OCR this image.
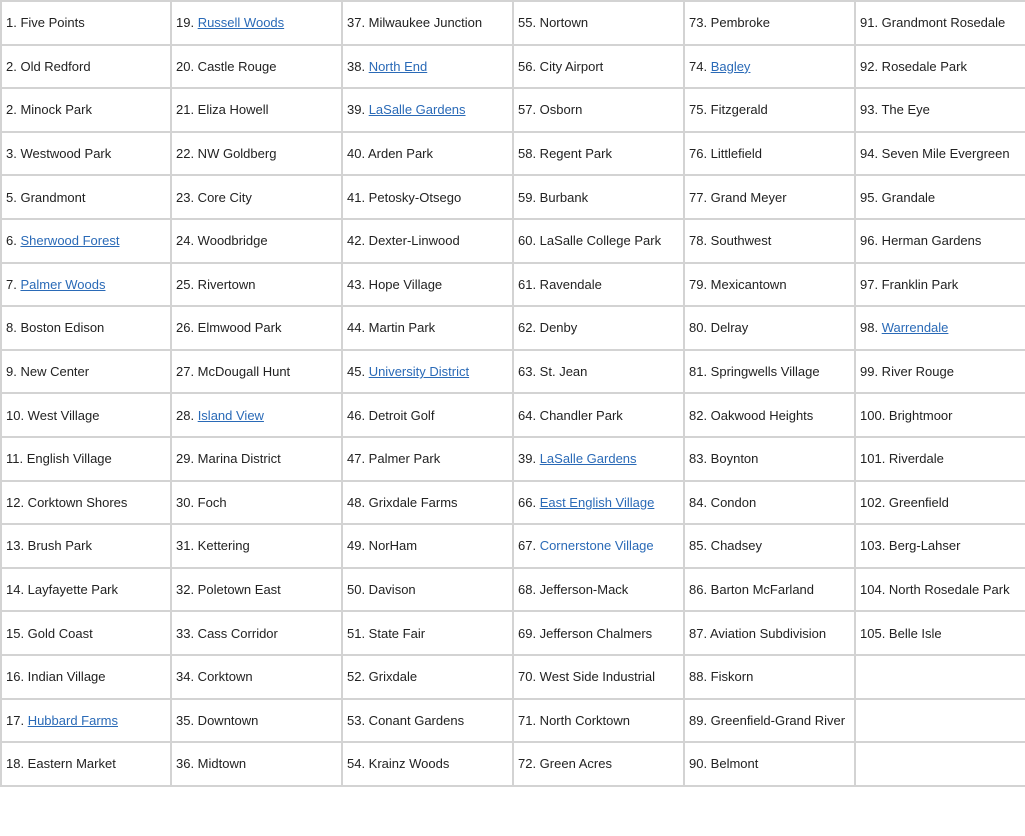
1. Five Points	19. Russell Woods	37. Milwaukee Junction	55. Nortown	73. Pembroke	91. Grandmont Rosedale
2. Old Redford	20. Castle Rouge	38. North End	56. City Airport	74. Bagley	92. Rosedale Park
2. Minock Park	21. Eliza Howell	39. LaSalle Gardens	57. Osborn	75. Fitzgerald	93. The Eye
3. Westwood Park	22. NW Goldberg	40. Arden Park	58. Regent Park	76. Littlefield	94. Seven Mile Evergreen
5. Grandmont	23. Core City	41. Petosky-Otsego	59. Burbank	77. Grand Meyer	95. Grandale
6. Sherwood Forest	24. Woodbridge	42. Dexter-Linwood	60. LaSalle College Park	78. Southwest	96. Herman Gardens
7. Palmer Woods	25. Rivertown	43. Hope Village	61. Ravendale	79. Mexicantown	97. Franklin Park
8. Boston Edison	26. Elmwood Park	44. Martin Park	62. Denby	80. Delray	98. Warrendale
9. New Center	27. McDougall Hunt	45. University District	63. St. Jean	81. Springwells Village	99. River Rouge
10. West Village	28. Island View	46. Detroit Golf	64. Chandler Park	82. Oakwood Heights	100. Brightmoor
11. English Village	29. Marina District	47. Palmer Park	39. LaSalle Gardens	83. Boynton	101. Riverdale
12. Corktown Shores	30. Foch	48. Grixdale Farms	66. East English Village	84. Condon	102. Greenfield
13. Brush Park	31. Kettering	49. NorHam	67. Cornerstone Village	85. Chadsey	103. Berg-Lahser
14. Layfayette Park	32. Poletown East	50. Davison	68. Jefferson-Mack	86. Barton McFarland	104. North Rosedale Park
15. Gold Coast	33. Cass Corridor	51. State Fair	69. Jefferson Chalmers	87. Aviation Subdivision	105. Belle Isle
16. Indian Village	34. Corktown	52. Grixdale	70. West Side Industrial	88. Fiskorn	
17. Hubbard Farms	35. Downtown	53. Conant Gardens	71. North Corktown	89. Greenfield-Grand River	
18. Eastern Market	36. Midtown	54. Krainz Woods	72. Green Acres	90. Belmont	
